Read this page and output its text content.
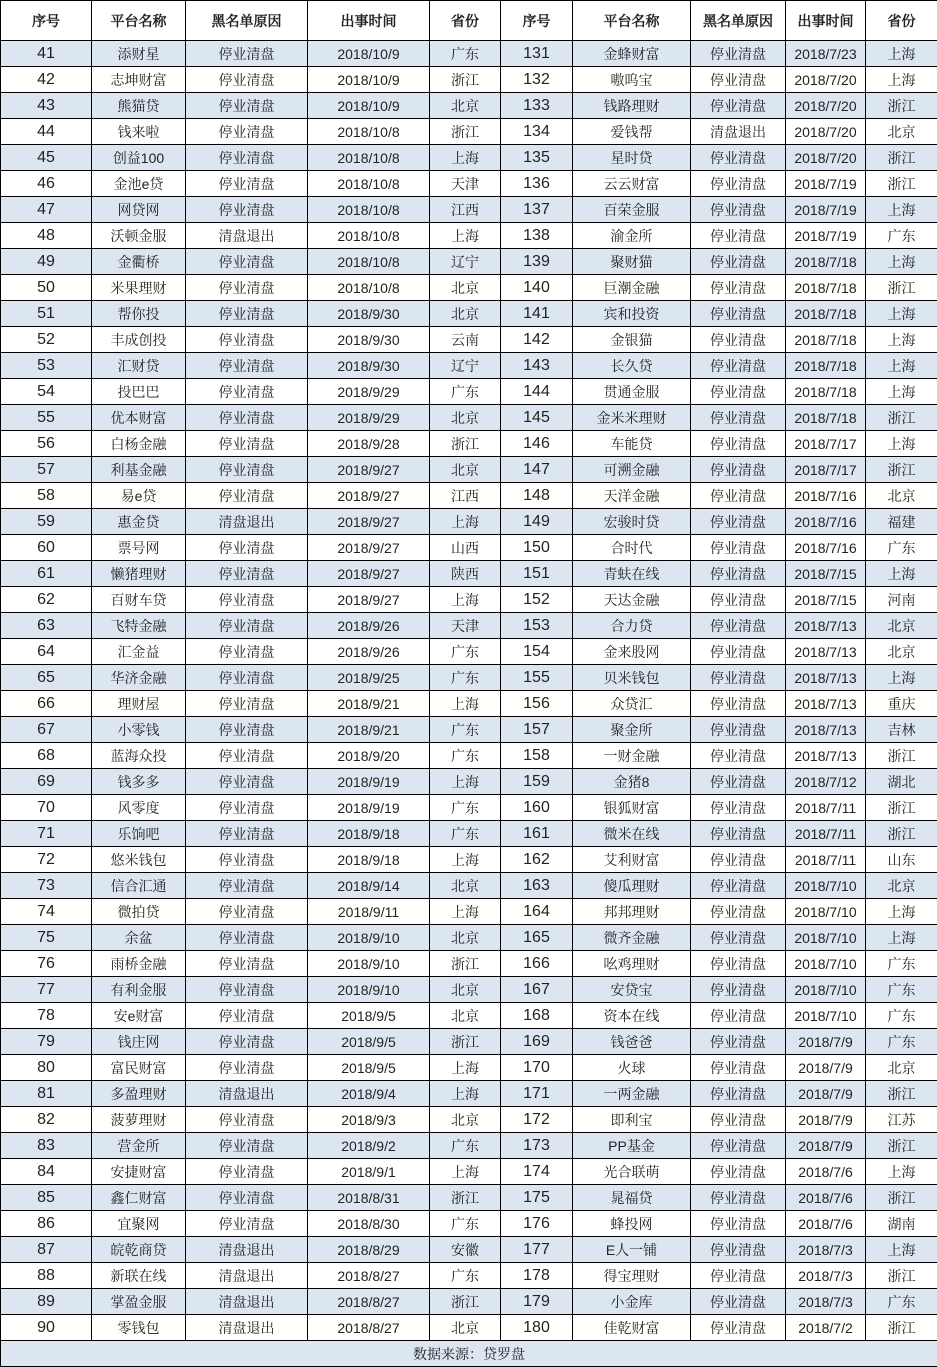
序号	平台名称	黑名单原因	出事时间	省份	序号	平台名称	黑名单原因	出事时间	省份
41	添财星	停业清盘	2018/10/9	广东	131	金蜂财富	停业清盘	2018/7/23	上海
42	志坤财富	停业清盘	2018/10/9	浙江	132	嗷呜宝	停业清盘	2018/7/20	上海
43	熊猫贷	停业清盘	2018/10/9	北京	133	钱路理财	停业清盘	2018/7/20	浙江
44	钱来啦	停业清盘	2018/10/8	浙江	134	爱钱帮	清盘退出	2018/7/20	北京
45	创益100	停业清盘	2018/10/8	上海	135	星时贷	停业清盘	2018/7/20	浙江
46	金池e贷	停业清盘	2018/10/8	天津	136	云云财富	停业清盘	2018/7/19	浙江
47	网贷网	停业清盘	2018/10/8	江西	137	百荣金服	停业清盘	2018/7/19	上海
48	沃顿金服	清盘退出	2018/10/8	上海	138	渝金所	停业清盘	2018/7/19	广东
49	金衢桥	停业清盘	2018/10/8	辽宁	139	聚财猫	停业清盘	2018/7/18	上海
50	米果理财	停业清盘	2018/10/8	北京	140	巨潮金融	停业清盘	2018/7/18	浙江
51	帮你投	停业清盘	2018/9/30	北京	141	宾和投资	停业清盘	2018/7/18	上海
52	丰成创投	停业清盘	2018/9/30	云南	142	金银猫	停业清盘	2018/7/18	上海
53	汇财贷	停业清盘	2018/9/30	辽宁	143	长久贷	停业清盘	2018/7/18	上海
54	投巴巴	停业清盘	2018/9/29	广东	144	贯通金服	停业清盘	2018/7/18	上海
55	优本财富	停业清盘	2018/9/29	北京	145	金米米理财	停业清盘	2018/7/18	浙江
56	白杨金融	停业清盘	2018/9/28	浙江	146	车能贷	停业清盘	2018/7/17	上海
57	利基金融	停业清盘	2018/9/27	北京	147	可溯金融	停业清盘	2018/7/17	浙江
58	易e贷	停业清盘	2018/9/27	江西	148	天洋金融	停业清盘	2018/7/16	北京
59	惠金贷	清盘退出	2018/9/27	上海	149	宏骏时贷	停业清盘	2018/7/16	福建
60	票号网	停业清盘	2018/9/27	山西	150	合时代	停业清盘	2018/7/16	广东
61	懒猪理财	停业清盘	2018/9/27	陕西	151	青蚨在线	停业清盘	2018/7/15	上海
62	百财车贷	停业清盘	2018/9/27	上海	152	天达金融	停业清盘	2018/7/15	河南
63	飞特金融	停业清盘	2018/9/26	天津	153	合力贷	停业清盘	2018/7/13	北京
64	汇金益	停业清盘	2018/9/26	广东	154	金来股网	停业清盘	2018/7/13	北京
65	华济金融	停业清盘	2018/9/25	广东	155	贝米钱包	停业清盘	2018/7/13	上海
66	理财屋	停业清盘	2018/9/21	上海	156	众贷汇	停业清盘	2018/7/13	重庆
67	小零钱	停业清盘	2018/9/21	广东	157	聚金所	停业清盘	2018/7/13	吉林
68	蓝海众投	停业清盘	2018/9/20	广东	158	一财金融	停业清盘	2018/7/13	浙江
69	钱多多	停业清盘	2018/9/19	上海	159	金猪8	停业清盘	2018/7/12	湖北
70	风零度	停业清盘	2018/9/19	广东	160	银狐财富	停业清盘	2018/7/11	浙江
71	乐饷吧	停业清盘	2018/9/18	广东	161	微米在线	停业清盘	2018/7/11	浙江
72	悠米钱包	停业清盘	2018/9/18	上海	162	艾利财富	停业清盘	2018/7/11	山东
73	信合汇通	停业清盘	2018/9/14	北京	163	傻瓜理财	停业清盘	2018/7/10	北京
74	微拍贷	停业清盘	2018/9/11	上海	164	邦邦理财	停业清盘	2018/7/10	上海
75	余盆	停业清盘	2018/9/10	北京	165	微齐金融	停业清盘	2018/7/10	上海
76	雨桥金融	停业清盘	2018/9/10	浙江	166	吆鸡理财	停业清盘	2018/7/10	广东
77	有利金服	停业清盘	2018/9/10	北京	167	安贷宝	停业清盘	2018/7/10	广东
78	安e财富	停业清盘	2018/9/5	北京	168	资本在线	停业清盘	2018/7/10	广东
79	钱庄网	停业清盘	2018/9/5	浙江	169	钱爸爸	停业清盘	2018/7/9	广东
80	富民财富	停业清盘	2018/9/5	上海	170	火球	停业清盘	2018/7/9	北京
81	多盈理财	清盘退出	2018/9/4	上海	171	一两金融	停业清盘	2018/7/9	浙江
82	菠萝理财	停业清盘	2018/9/3	北京	172	即利宝	停业清盘	2018/7/9	江苏
83	营金所	停业清盘	2018/9/2	广东	173	PP基金	停业清盘	2018/7/9	浙江
84	安捷财富	停业清盘	2018/9/1	上海	174	光合联萌	停业清盘	2018/7/6	上海
85	鑫仁财富	停业清盘	2018/8/31	浙江	175	晁福贷	停业清盘	2018/7/6	浙江
86	宜聚网	停业清盘	2018/8/30	广东	176	蜂投网	停业清盘	2018/7/6	湖南
87	皖乾商贷	清盘退出	2018/8/29	安徽	177	E人一铺	停业清盘	2018/7/3	上海
88	新联在线	清盘退出	2018/8/27	广东	178	得宝理财	停业清盘	2018/7/3	浙江
89	掌盈金服	清盘退出	2018/8/27	浙江	179	小金库	停业清盘	2018/7/3	广东
90	零钱包	清盘退出	2018/8/27	北京	180	佳乾财富	停业清盘	2018/7/2	浙江
数据来源：贷罗盘									
